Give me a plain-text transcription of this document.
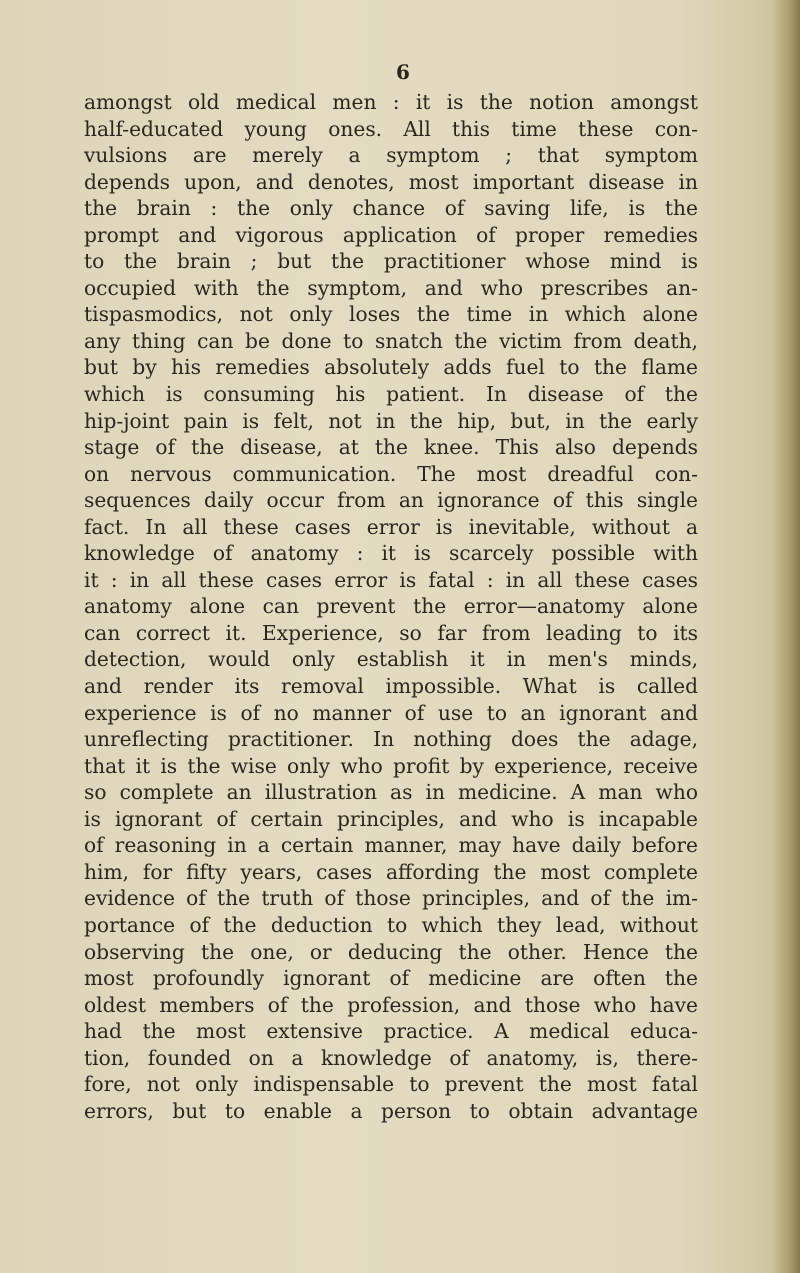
6
amongst old medical men : it is the notion amongst
half-educated young ones. All this time these con-
vulsions are merely a symptom ; that symptom
depends upon, and denotes, most important disease in
the brain : the only chance of saving life, is the
prompt and vigorous application of proper remedies
to the brain ; but the practitioner whose mind is
occupied with the symptom, and who prescribes an-
tispasmodics, not only loses the time in which alone
any thing can be done to snatch the victim from death,
but by his remedies absolutely adds fuel to the flame
which is consuming his patient. In disease of the
hip-joint pain is felt, not in the hip, but, in the early
stage of the disease, at the knee. This also depends
on nervous communication. The most dreadful con-
sequences daily occur from an ignorance of this single
fact. In all these cases error is inevitable, without a
knowledge of anatomy : it is scarcely possible with
it : in all these cases error is fatal : in all these cases
anatomy alone can prevent the error—anatomy alone
can correct it. Experience, so far from leading to its
detection, would only establish it in men's minds,
and render its removal impossible. What is called
experience is of no manner of use to an ignorant and
unreflecting practitioner. In nothing does the adage,
that it is the wise only who profit by experience, receive
so complete an illustration as in medicine. A man who
is ignorant of certain principles, and who is incapable
of reasoning in a certain manner, may have daily before
him, for fifty years, cases affording the most complete
evidence of the truth of those principles, and of the im-
portance of the deduction to which they lead, without
observing the one, or deducing the other. Hence the
most profoundly ignorant of medicine are often the
oldest members of the profession, and those who have
had the most extensive practice. A medical educa-
tion, founded on a knowledge of anatomy, is, there-
fore, not only indispensable to prevent the most fatal
errors, but to enable a person to obtain advantage
